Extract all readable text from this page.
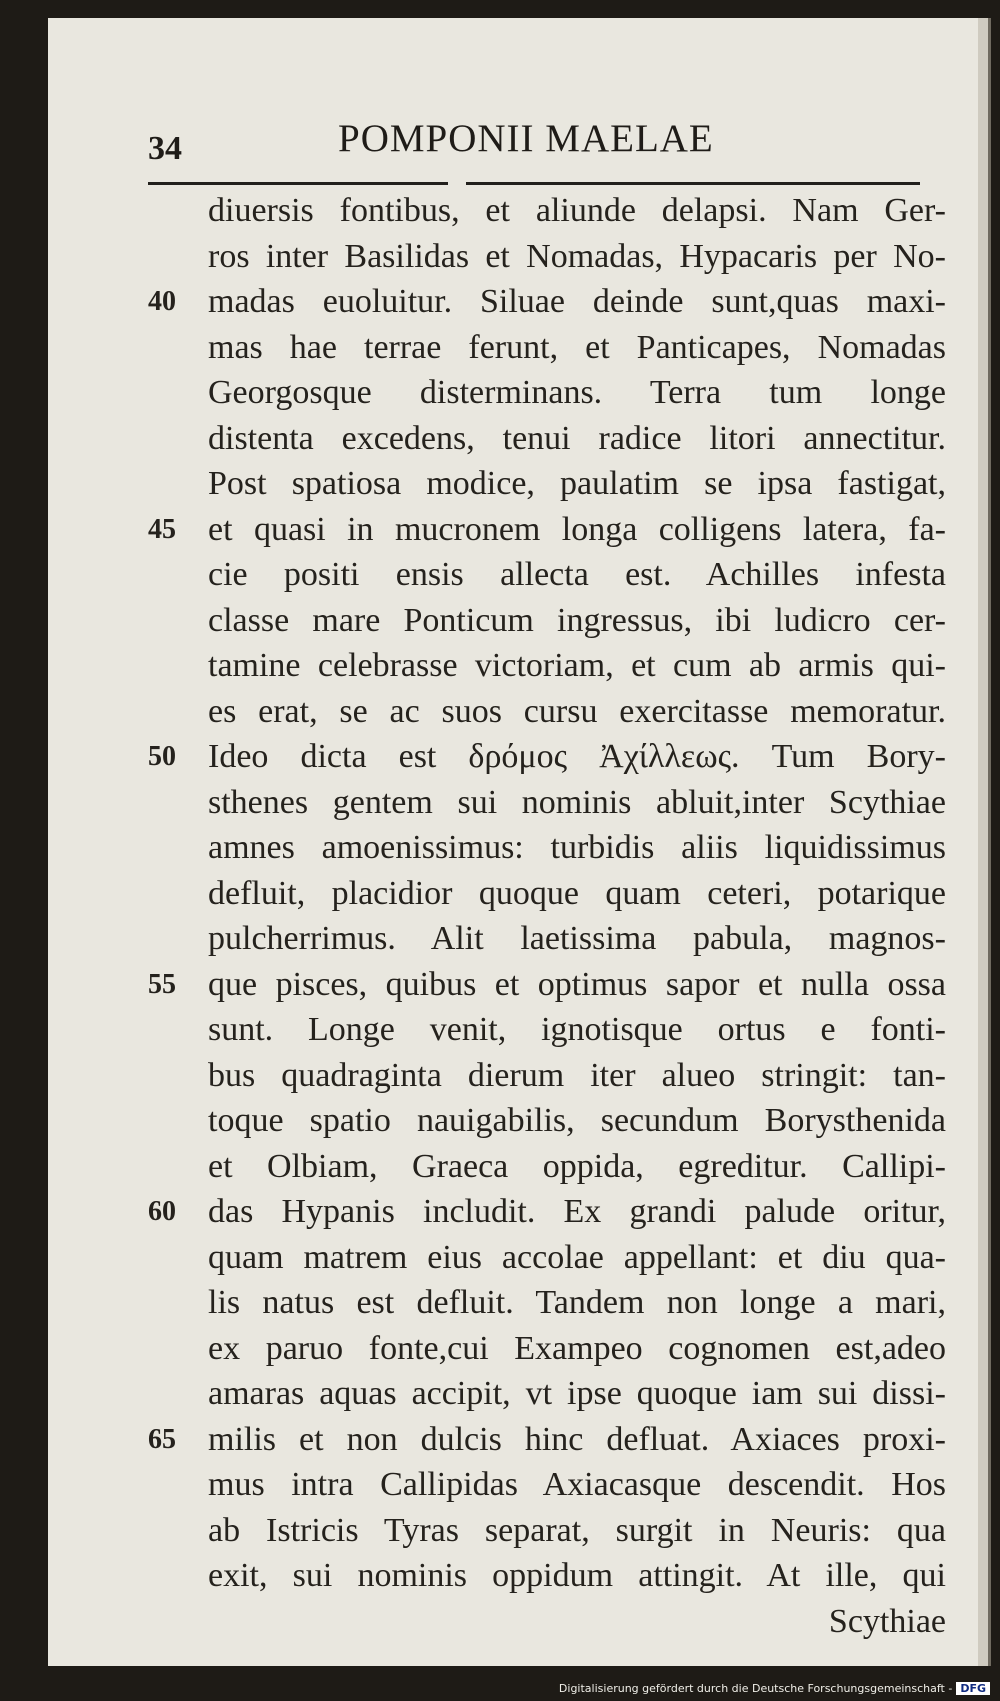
34	POMPONII MAELAE
diuersis fontibus, et aliunde delapsi. Nam Ger-
ros inter Basilidas et Nomadas, Hypacaris per No-
40 madas euoluitur. Siluae deinde sunt,quas maxi-
mas hae terrae ferunt, et Panticapes, Nomadas
Georgosque disterminans. Terra tum longe
distenta excedens, tenui radice litori annectitur.
Post spatiosa modice, paulatim se ipsa fastigat,
45 et quasi in mucronem longa colligens latera, fa-
cie positi ensis allecta est. Achilles infesta
classe mare Ponticum ingressus, ibi ludicro cer-
tamine celebrasse victoriam, et cum ab armis qui-
es erat, se ac suos cursu exercitasse memoratur.
50 Ideo dicta est δρόμος Ἀχίλλεως. Tum Bory-
sthenes gentem sui nominis abluit,inter Scythiae
amnes amoenissimus: turbidis aliis liquidissimus
defluit, placidior quoque quam ceteri, potarique
pulcherrimus. Alit laetissima pabula, magnos-
55 que pisces, quibus et optimus sapor et nulla ossa
sunt. Longe venit, ignotisque ortus e fonti-
bus quadraginta dierum iter alueo stringit: tan-
toque spatio nauigabilis, secundum Borysthenida
et Olbiam, Graeca oppida, egreditur. Callipi-
60 das Hypanis includit. Ex grandi palude oritur,
quam matrem eius accolae appellant: et diu qua-
lis natus est defluit. Tandem non longe a mari,
ex paruo fonte,cui Exampeo cognomen est,adeo
amaras aquas accipit, vt ipse quoque iam sui dissi-
65 milis et non dulcis hinc defluat. Axiaces proxi-
mus intra Callipidas Axiacasque descendit. Hos
ab Istricis Tyras separat, surgit in Neuris: qua
exit, sui nominis oppidum attingit. At ille, qui
Scythiae
Digitalisierung gefördert durch die Deutsche Forschungsgemeinschaft - DFG
